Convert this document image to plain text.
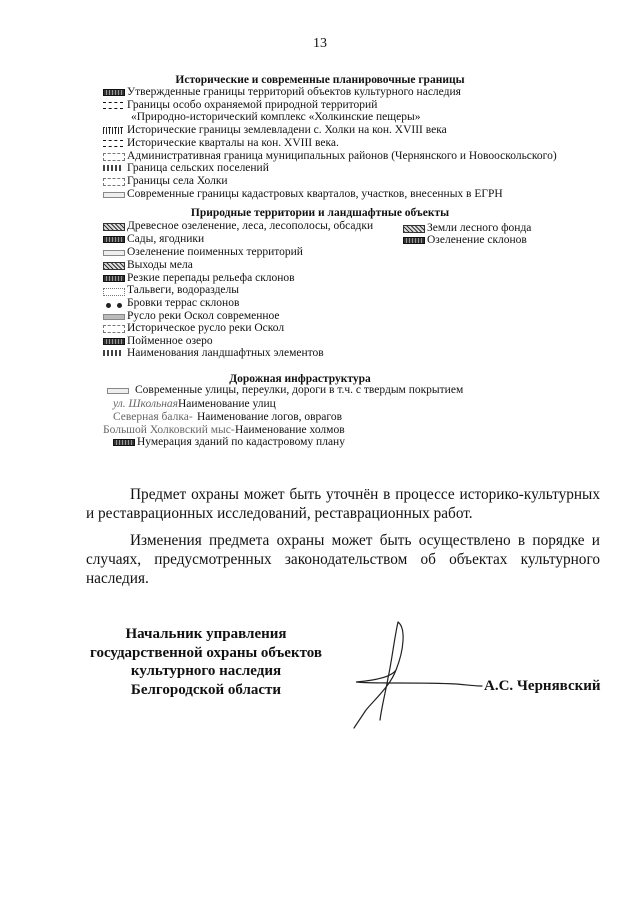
13
Исторические и современные планировочные границы
Утвержденные границы территорий объектов культурного наследия
Границы особо охраняемой природной территорий
«Природно-исторический комплекс «Холкинские пещеры»
Исторические границы землевладени с. Холки на кон. XVIII века
Исторические кварталы на кон. XVIII века.
Административная граница муниципальных районов (Чернянского и Новооскольского)
Граница сельских поселений
Границы села Холки
Современные границы кадастровых кварталов, участков, внесенных в ЕГРН
Природные территории и ландшафтные объекты
Древесное озеленение, леса, лесополосы, обсадки
Сады, ягодники
Озеленение поименных территорий
Выходы мела
Резкие перепады рельефа склонов
Тальвеги, водоразделы
Бровки террас склонов
Русло реки Оскол современное
Историческое русло реки Оскол
Пойменное озеро
Наименования ландшафтных элементов
Земли лесного фонда
Озеленение склонов
Дорожная инфраструктура
Современные улицы, переулки, дороги в т.ч. с твердым покрытием
ул. Школьная Наименование улиц
Северная балка- Наименование логов, оврагов
Большой Холковский мыс- Наименование холмов
Нумерация зданий по кадастровому плану

Предмет охраны может быть уточнён в процессе историко-культурных и реставрационных исследований, реставрационных работ.

Изменения предмета охраны может быть осуществлено в порядке и случаях, предусмотренных законодательством об объектах культурного наследия.

Начальник управления
государственной охраны объектов
культурного наследия
Белгородской области	А.С. Чернявский
